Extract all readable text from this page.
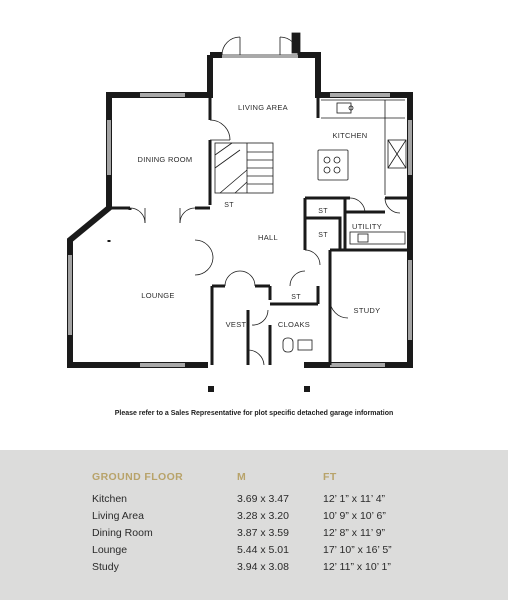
LIVING AREA
KITCHEN
DINING ROOM
HALL
LOUNGE
VEST	CLOAKS
STUDY
UTILITY
ST
ST
ST
ST
Please refer to a Sales Representative for plot specific detached garage information
GROUND FLOOR	M	FT
Kitchen	3.69 x 3.47	12’ 1” x 11’ 4”
Living Area	3.28 x 3.20	10’ 9” x 10’ 6”
Dining Room	3.87 x 3.59	12’ 8” x 11’ 9”
Lounge	5.44 x 5.01	17’ 10” x 16’ 5”
Study	3.94 x 3.08	12’ 11” x 10’ 1”
